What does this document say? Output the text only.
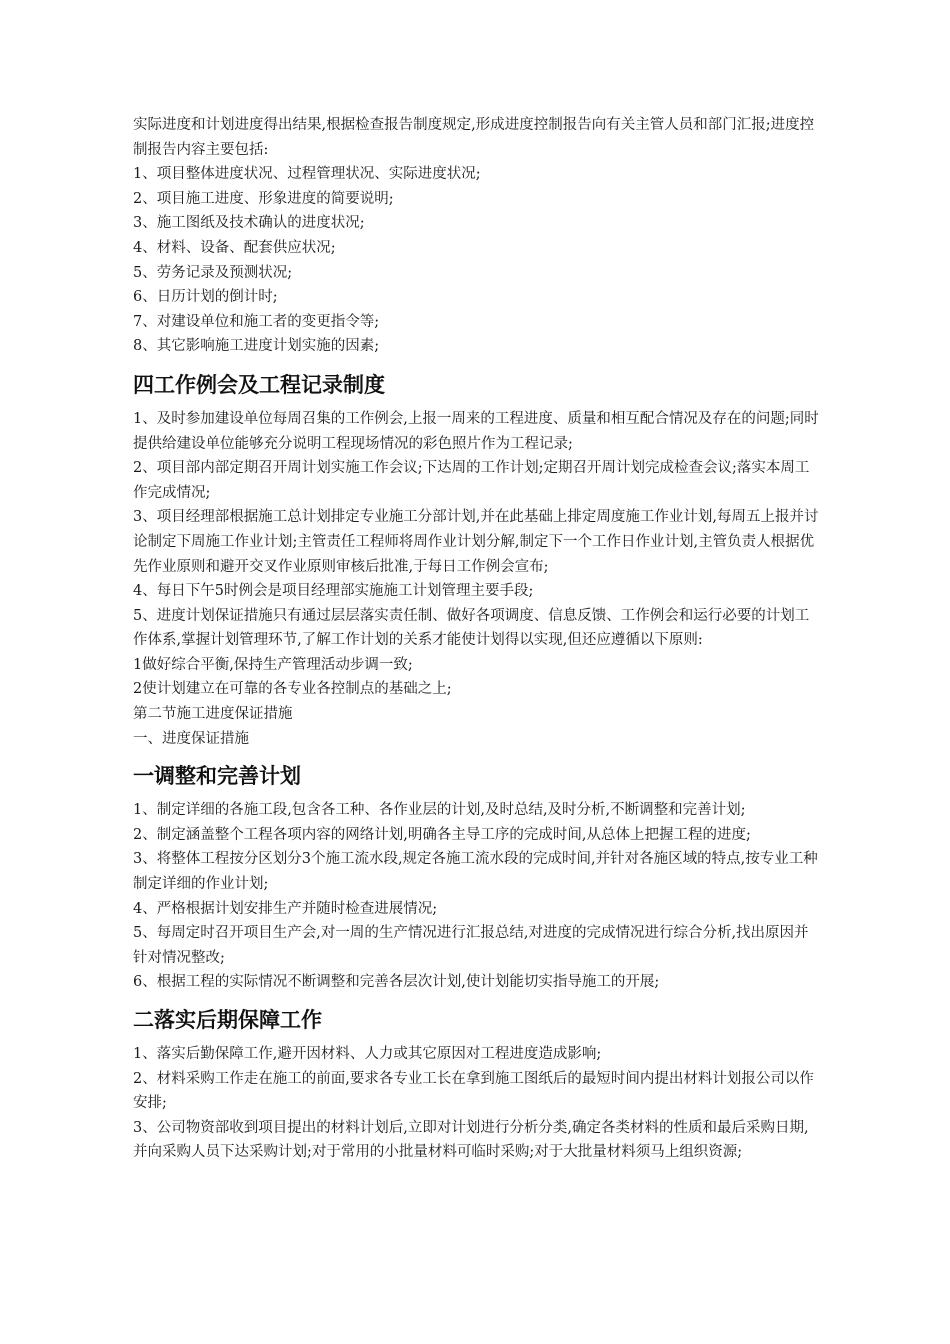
实际进度和计划进度得出结果,根据检查报告制度规定,形成进度控制报告向有关主管人员和部门汇报;进度控制报告内容主要包括:

1、项目整体进度状况、过程管理状况、实际进度状况;

2、项目施工进度、形象进度的简要说明;

3、施工图纸及技术确认的进度状况;

4、材料、设备、配套供应状况;

5、劳务记录及预测状况;

6、日历计划的倒计时;

7、对建设单位和施工者的变更指令等;

8、其它影响施工进度计划实施的因素;

四工作例会及工程记录制度

1、及时参加建设单位每周召集的工作例会,上报一周来的工程进度、质量和相互配合情况及存在的问题;同时提供给建设单位能够充分说明工程现场情况的彩色照片作为工程记录;

2、项目部内部定期召开周计划实施工作会议;下达周的工作计划;定期召开周计划完成检查会议;落实本周工作完成情况;

3、项目经理部根据施工总计划排定专业施工分部计划,并在此基础上排定周度施工作业计划,每周五上报并讨论制定下周施工作业计划;主管责任工程师将周作业计划分解,制定下一个工作日作业计划,主管负责人根据优先作业原则和避开交叉作业原则审核后批准,于每日工作例会宣布;

4、每日下午5时例会是项目经理部实施施工计划管理主要手段;

5、进度计划保证措施只有通过层层落实责任制、做好各项调度、信息反馈、工作例会和运行必要的计划工作体系,掌握计划管理环节,了解工作计划的关系才能使计划得以实现,但还应遵循以下原则:

1做好综合平衡,保持生产管理活动步调一致;

2使计划建立在可靠的各专业各控制点的基础之上;

第二节施工进度保证措施

一、进度保证措施

一调整和完善计划

1、制定详细的各施工段,包含各工种、各作业层的计划,及时总结,及时分析,不断调整和完善计划;

2、制定涵盖整个工程各项内容的网络计划,明确各主导工序的完成时间,从总体上把握工程的进度;

3、将整体工程按分区划分3个施工流水段,规定各施工流水段的完成时间,并针对各施区域的特点,按专业工种制定详细的作业计划;

4、严格根据计划安排生产并随时检查进展情况;

5、每周定时召开项目生产会,对一周的生产情况进行汇报总结,对进度的完成情况进行综合分析,找出原因并针对情况整改;

6、根据工程的实际情况不断调整和完善各层次计划,使计划能切实指导施工的开展;

二落实后期保障工作

1、落实后勤保障工作,避开因材料、人力或其它原因对工程进度造成影响;

2、材料采购工作走在施工的前面,要求各专业工长在拿到施工图纸后的最短时间内提出材料计划报公司以作安排;

3、公司物资部收到项目提出的材料计划后,立即对计划进行分析分类,确定各类材料的性质和最后采购日期,并向采购人员下达采购计划;对于常用的小批量材料可临时采购;对于大批量材料须马上组织资源;
